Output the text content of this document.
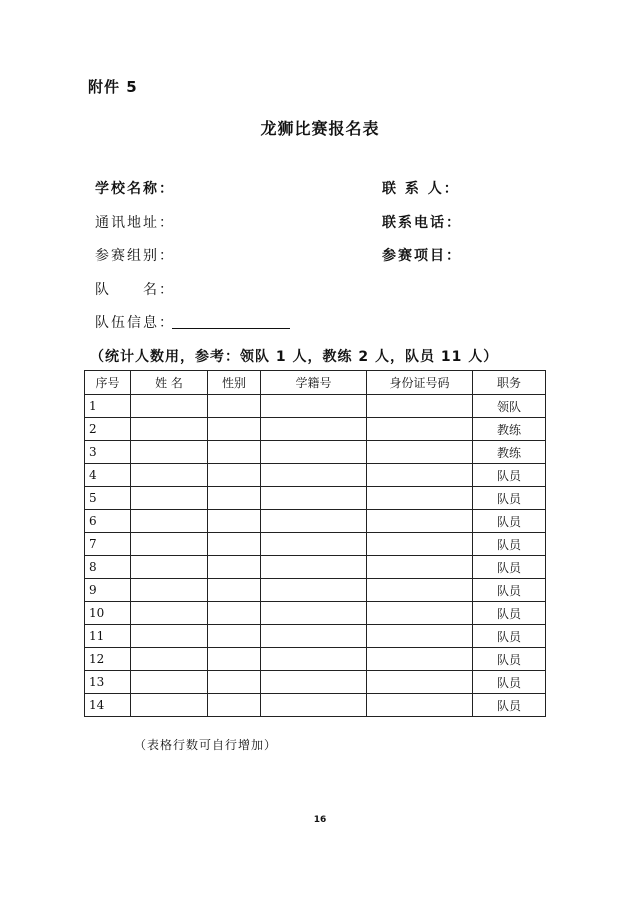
附件 5
龙狮比赛报名表
学校名称：	联 系 人：
通讯地址：	联系电话：
参赛组别：	参赛项目：
队　　名：
队伍信息：
（统计人数用，参考：领队 1 人，教练 2 人，队员 11 人）
序号	姓 名	性别	学籍号	身份证号码	职务
1					领队
2					教练
3					教练
4					队员
5					队员
6					队员
7					队员
8					队员
9					队员
10					队员
11					队员
12					队员
13					队员
14					队员
（表格行数可自行增加）
16
